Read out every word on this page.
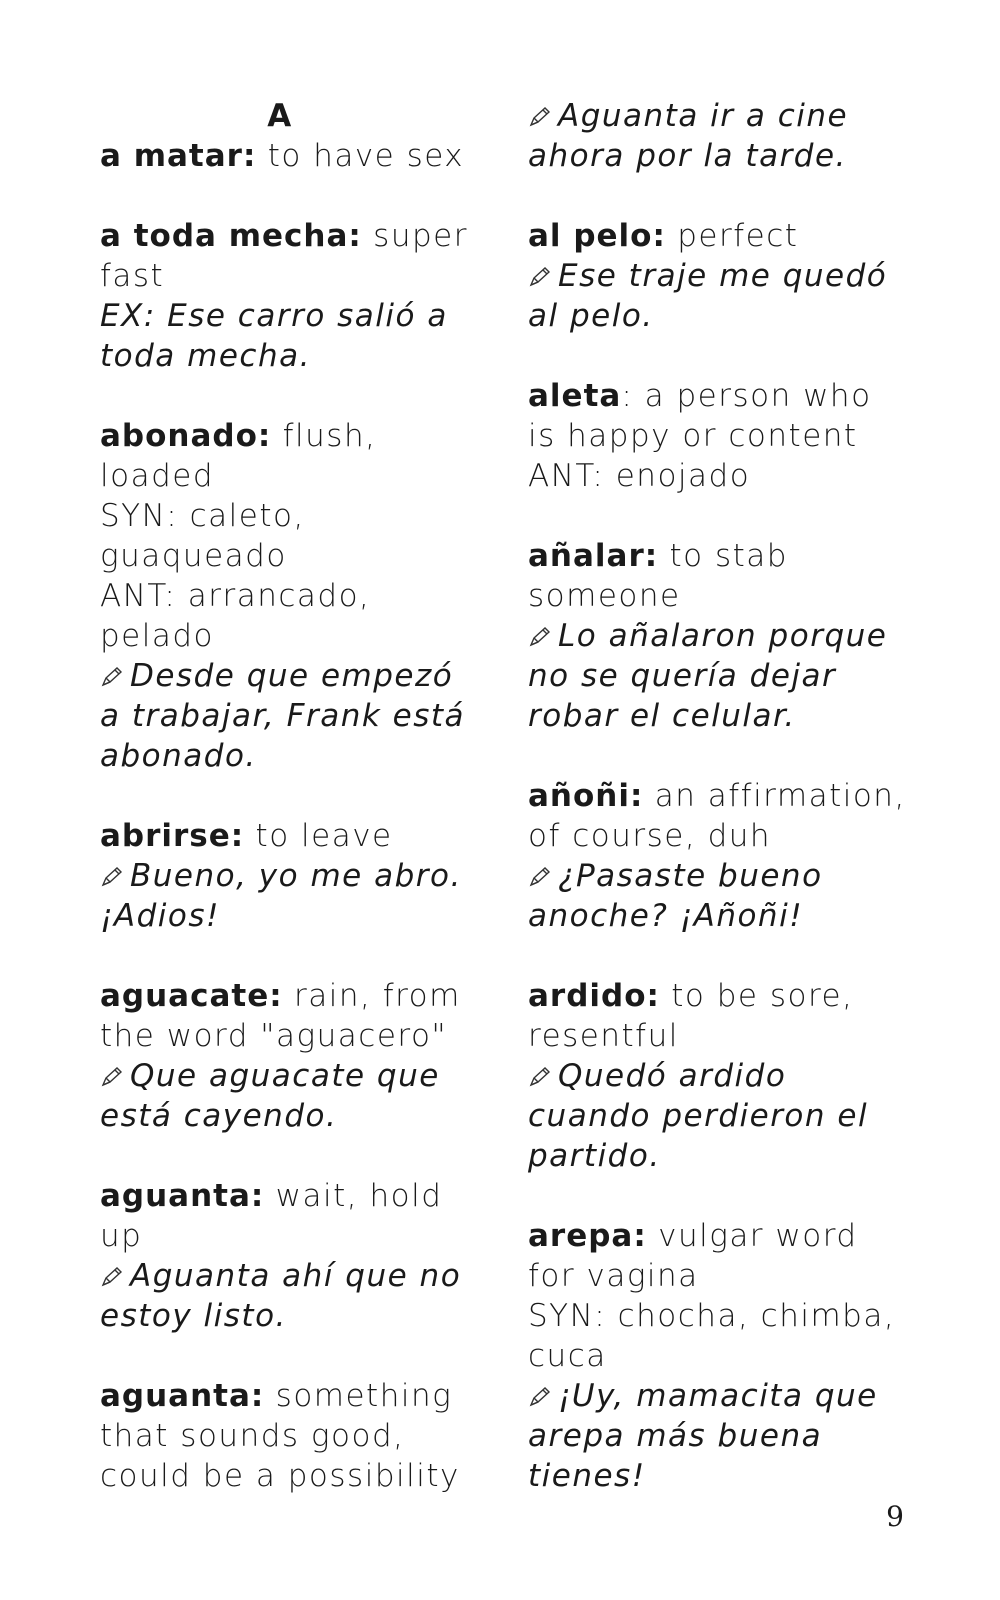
A
a matar: to have sex
a toda mecha: super fast
EX: Ese carro salió a toda mecha.
abonado: flush, loaded
SYN: caleto, guaqueado
ANT: arrancado, pelado
Desde que empezó a trabajar, Frank está abonado.
abrirse: to leave
Bueno, yo me abro. ¡Adios!
aguacate: rain, from the word "aguacero"
Que aguacate que está cayendo.
aguanta: wait, hold up
Aguanta ahí que no estoy listo.
aguanta: something that sounds good, could be a possibility
Aguanta ir a cine ahora por la tarde.
al pelo: perfect
Ese traje me quedó al pelo.
aleta: a person who is happy or content
ANT: enojado
añalar: to stab someone
Lo añalaron porque no se quería dejar robar el celular.
añoñi: an affirmation, of course, duh
¿Pasaste bueno anoche? ¡Añoñi!
ardido: to be sore, resentful
Quedó ardido cuando perdieron el partido.
arepa: vulgar word for vagina
SYN: chocha, chimba, cuca
¡Uy, mamacita que arepa más buena tienes!
9
